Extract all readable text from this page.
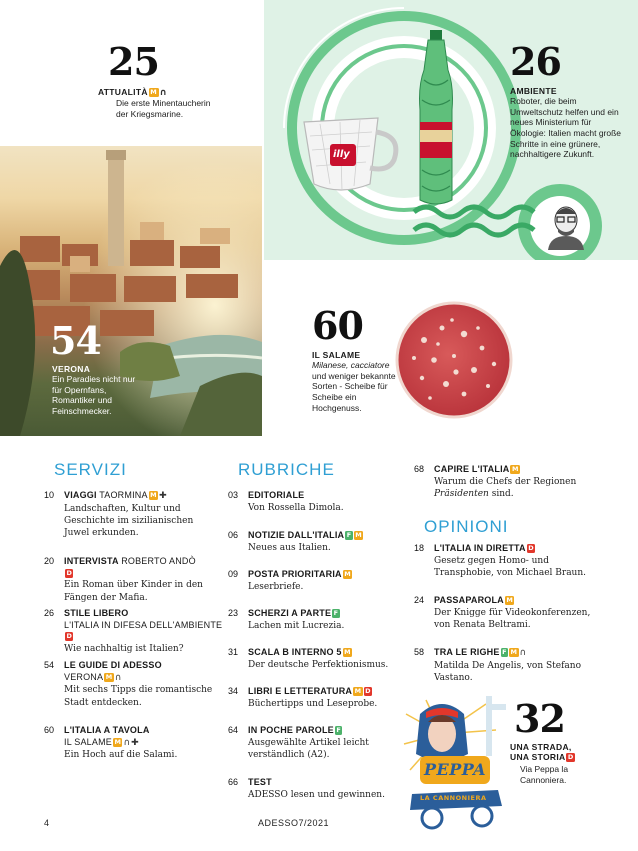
illy
25
ATTUALITÀ M ∩
Die erste Minentaucherin der Kriegsmarine.
26
AMBIENTE
Roboter, die beim Umweltschutz helfen und ein neues Ministerium für Ökologie: Italien macht große Schritte in eine grünere, nachhaltigere Zukunft.
54
VERONA
Ein Paradies nicht nur für Opernfans, Romantiker und Feinschmecker.
60
IL SALAME
Milanese, cacciatore und weniger bekannte Sorten - Scheibe für Scheibe ein Hochgenuss.
SERVIZI
10	VIAGGI TAORMINA M ✚
Landschaften, Kultur und Geschichte im sizilianischen Juwel erkunden.
20	INTERVISTA ROBERTO ANDÒD
Ein Roman über Kinder in den Fängen der Mafia.
26	STILE LIBERO
L'ITALIA IN DIFESA DELL'AMBIENTED
Wie nachhaltig ist Italien?
54	LE GUIDE DI ADESSO
VERONA M ∩
Mit sechs Tipps die romantische Stadt entdecken.
60	L'ITALIA A TAVOLA
IL SALAME M ∩✚
Ein Hoch auf die Salami.
RUBRICHE
03	EDITORIALE
Von Rossella Dimola.
06	NOTIZIE DALL'ITALIA F M
Neues aus Italien.
09	POSTA PRIORITARIA M
Leserbriefe.
23	SCHERZI A PARTE F
Lachen mit Lucrezia.
31	SCALA B INTERNO 5 M
Der deutsche Perfektionismus.
34	LIBRI E LETTERATURA M D
Büchertipps und Leseprobe.
64	IN POCHE PAROLE F
Ausgewählte Artikel leicht verständlich (A2).
66	TEST
ADESSO lesen und gewinnen.
68	CAPIRE L'ITALIA M
Warum die Chefs der Regionen Präsidenten sind.
OPINIONI
18	L'ITALIA IN DIRETTA D
Gesetz gegen Homo- und Transphobie, von Michael Braun.
24	PASSAPAROLA M
Der Knigge für Videokonferenzen, von Renata Beltrami.
58	TRA LE RIGHE F M ∩
Matilda De Angelis, von Stefano Vastano.
PEPPA
LA CANNONIERA
32
UNA STRADA, UNA STORIA D
Via Peppa la Cannoniera.
4	ADESSO7/2021
